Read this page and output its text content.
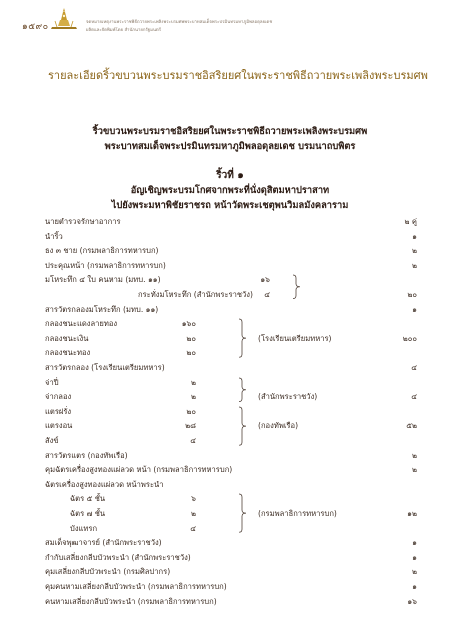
๑๕๙๐	จดหมายเหตุงานพระราชพิธีถวายพระเพลิงพระบรมศพพระบาทสมเด็จพระปรมินทรมหาภูมิพลอดุลยเดช
ผลิตและจัดพิมพ์โดย สำนักนายกรัฐมนตรี
รายละเอียดริ้วขบวนพระบรมราชอิสริยยศในพระราชพิธีถวายพระเพลิงพระบรมศพ
ริ้วขบวนพระบรมราชอิสริยยศในพระราชพิธีถวายพระเพลิงพระบรมศพ
พระบาทสมเด็จพระปรมินทรมหาภูมิพลอดุลยเดช บรมนาถบพิตร
ริ้วที่ ๑
อัญเชิญพระบรมโกศจากพระที่นั่งดุสิตมหาปราสาท
ไปยังพระมหาพิชัยราชรถ หน้าวัดพระเชตุพนวิมลมังคลาราม
นายตำรวจรักษาอาการ	๒ คู่
นำริ้ว	๑
ธง ๓ ชาย (กรมพลาธิการทหารบก)	๒
ประคุณหน้า (กรมพลาธิการทหารบก)	๒
มโหระทึก ๔ ใบ คนหาม (มทบ. ๑๑)	๑๖
กระทั่งมโหระทึก (สำนักพระราชวัง)	๔	๒๐
สารวัตรกลองมโหระทึก (มทบ. ๑๑)	๑
กลองชนะแดงลายทอง	๑๖๐
กลองชนะเงิน	๒๐	(โรงเรียนเตรียมทหาร)	๒๐๐
กลองชนะทอง	๒๐
สารวัตรกลอง (โรงเรียนเตรียมทหาร)	๔
จ่าปี่	๒
จ่ากลอง	๒	(สำนักพระราชวัง)	๔
แตรฝรั่ง	๒๐
แตรงอน	๒๘	(กองทัพเรือ)	๕๒
สังข์	๔
สารวัตรแตร (กองทัพเรือ)	๒
คุมฉัตรเครื่องสูงทองแผ่ลวด หน้า (กรมพลาธิการทหารบก)	๒
ฉัตรเครื่องสูงทองแผ่ลวด หน้าพระนำ
ฉัตร ๕ ชั้น	๖
ฉัตร ๗ ชั้น	๒	(กรมพลาธิการทหารบก)	๑๒
บังแทรก	๔
สมเด็จพุฒาจารย์ (สำนักพระราชวัง)	๑
กำกับเสลี่ยงกลีบบัวพระนำ (สำนักพระราชวัง)	๑
คุมเสลี่ยงกลีบบัวพระนำ (กรมศิลปากร)	๒
คุมคนหามเสลี่ยงกลีบบัวพระนำ (กรมพลาธิการทหารบก)	๑
คนหามเสลี่ยงกลีบบัวพระนำ (กรมพลาธิการทหารบก)	๑๖
